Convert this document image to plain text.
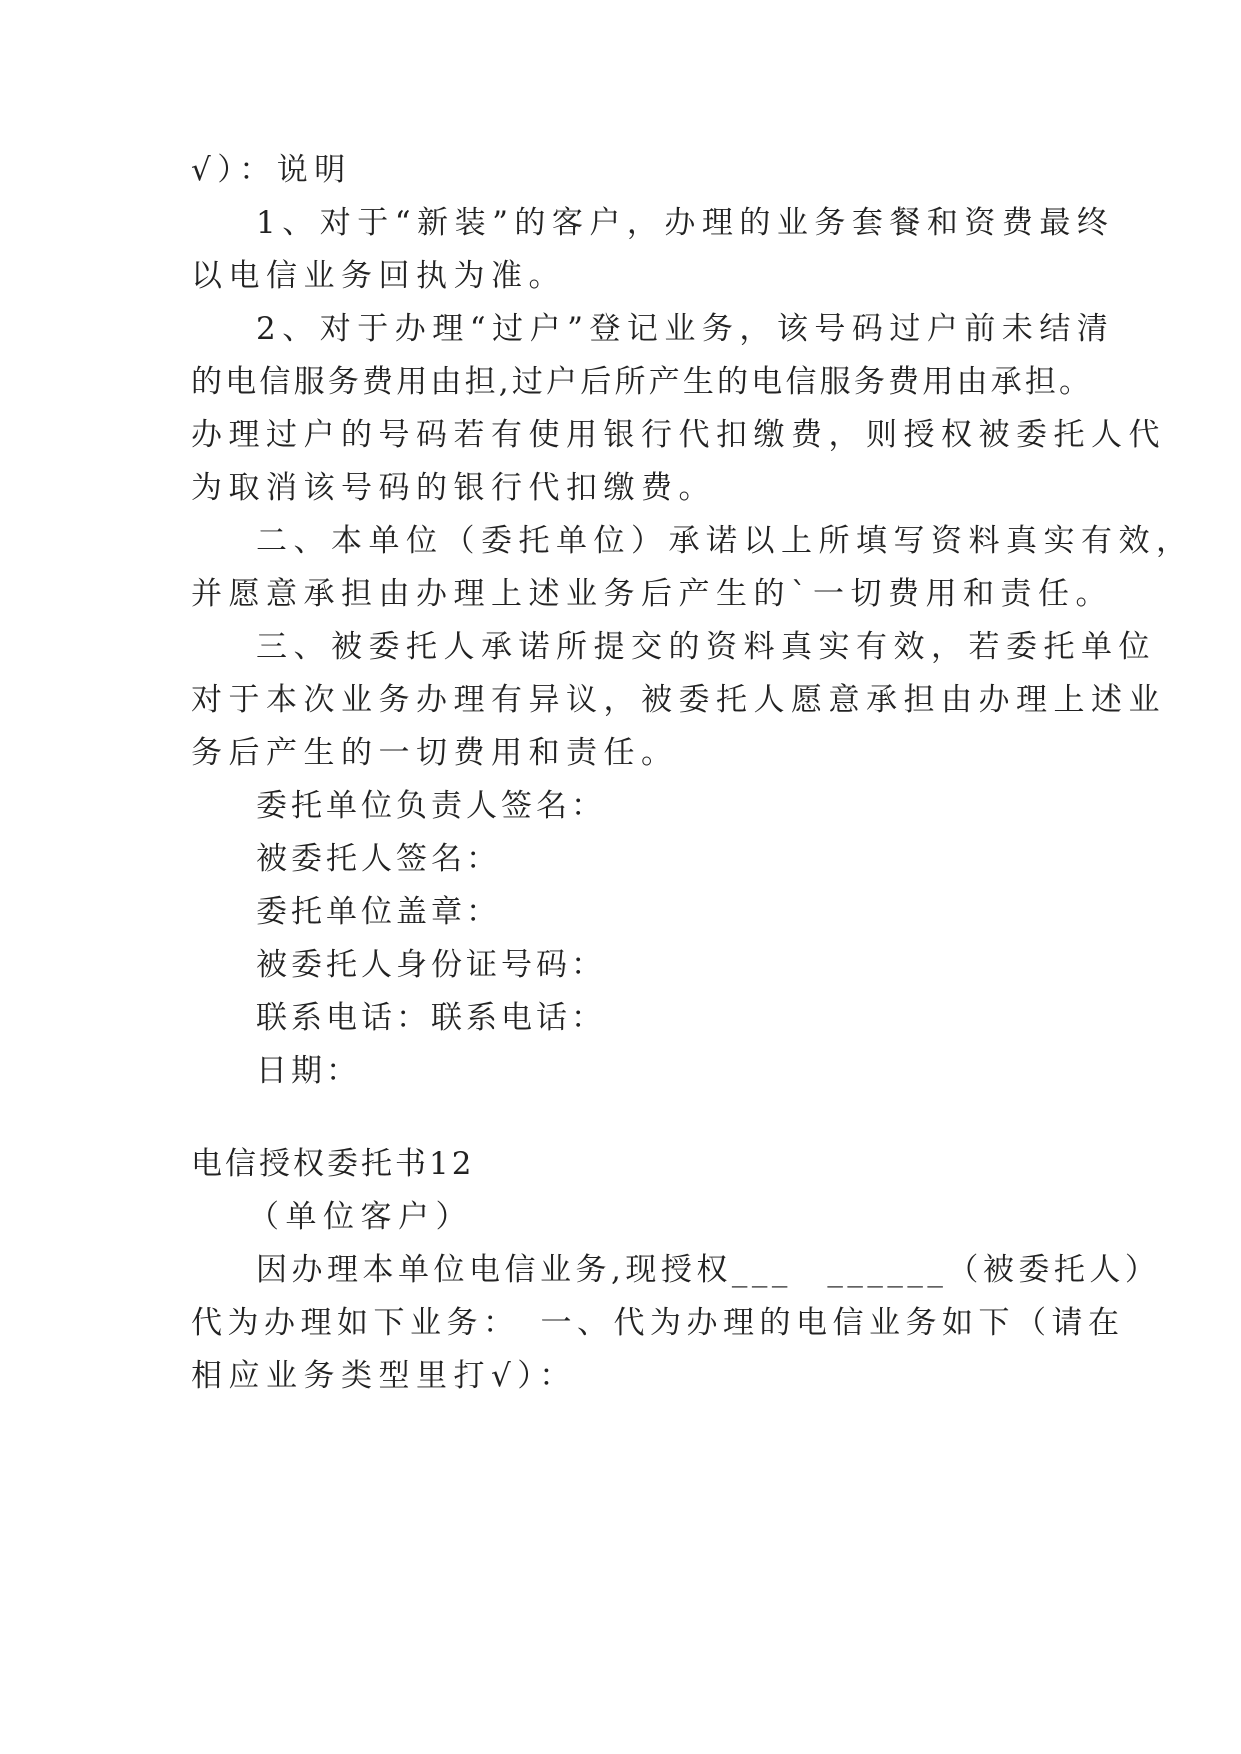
√）：说明
1、对于“新装”的客户，办理的业务套餐和资费最终
以电信业务回执为准。
2、对于办理“过户”登记业务，该号码过户前未结清
的电信服务费用由担,过户后所产生的电信服务费用由承担。
办理过户的号码若有使用银行代扣缴费，则授权被委托人代
为取消该号码的银行代扣缴费。
二、本单位（委托单位）承诺以上所填写资料真实有效，
并愿意承担由办理上述业务后产生的`一切费用和责任。
三、被委托人承诺所提交的资料真实有效，若委托单位
对于本次业务办理有异议，被委托人愿意承担由办理上述业
务后产生的一切费用和责任。
委托单位负责人签名：
被委托人签名：
委托单位盖章：
被委托人身份证号码：
联系电话：联系电话：
日期：
电信授权委托书12
（单位客户）
因办理本单位电信业务,现授权___　______（被委托人）
代为办理如下业务：　一、代为办理的电信业务如下（请在
相应业务类型里打√）：
